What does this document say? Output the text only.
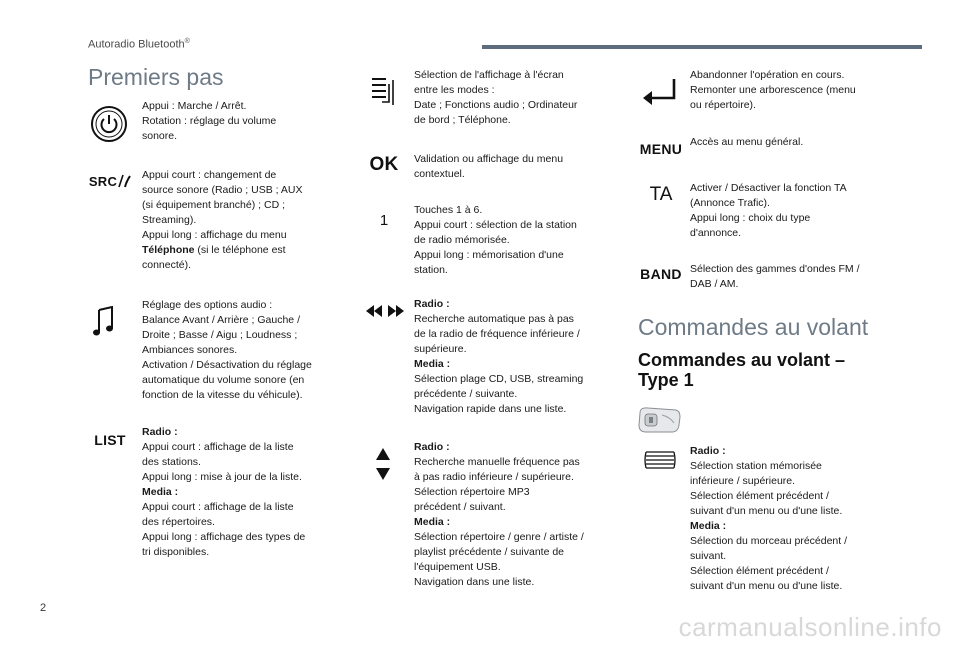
Autoradio Bluetooth®
Premiers pas
Appui : Marche / Arrêt.
Rotation : réglage du volume
sonore.
SRC Appui court : changement de
source sonore (Radio ; USB ; AUX
(si équipement branché) ; CD ;
Streaming).
Appui long : affichage du menu
Téléphone (si le téléphone est
connecté).
Réglage des options audio :
Balance Avant / Arrière ; Gauche /
Droite ; Basse / Aigu ; Loudness ;
Ambiances sonores.
Activation / Désactivation du réglage
automatique du volume sonore (en
fonction de la vitesse du véhicule).
LIST Radio :
Appui court : affichage de la liste
des stations.
Appui long : mise à jour de la liste.
Media :
Appui court : affichage de la liste
des répertoires.
Appui long : affichage des types de
tri disponibles.
Sélection de l'affichage à l'écran
entre les modes :
Date ; Fonctions audio ; Ordinateur
de bord ; Téléphone.
OK Validation ou affichage du menu
contextuel.
1
Touches 1 à 6.
Appui court : sélection de la station
de radio mémorisée.
Appui long : mémorisation d'une
station.
Radio :
Recherche automatique pas à pas
de la radio de fréquence inférieure /
supérieure.
Media :
Sélection plage CD, USB, streaming
précédente / suivante.
Navigation rapide dans une liste.
Radio :
Recherche manuelle fréquence pas
à pas radio inférieure / supérieure.
Sélection répertoire MP3
précédent / suivant.
Media :
Sélection répertoire / genre / artiste /
playlist précédente / suivante de
l'équipement USB.
Navigation dans une liste.
Abandonner l'opération en cours.
Remonter une arborescence (menu
ou répertoire).
MENU Accès au menu général.
TA Activer / Désactiver la fonction TA
(Annonce Trafic).
Appui long : choix du type
d'annonce.
BAND Sélection des gammes d'ondes FM /
DAB / AM.
Commandes au volant
Commandes au volant –
Type 1
Radio :
Sélection station mémorisée
inférieure / supérieure.
Sélection élément précédent /
suivant d'un menu ou d'une liste.
Media :
Sélection du morceau précédent /
suivant.
Sélection élément précédent /
suivant d'un menu ou d'une liste.
2
carmanualsonline.info
